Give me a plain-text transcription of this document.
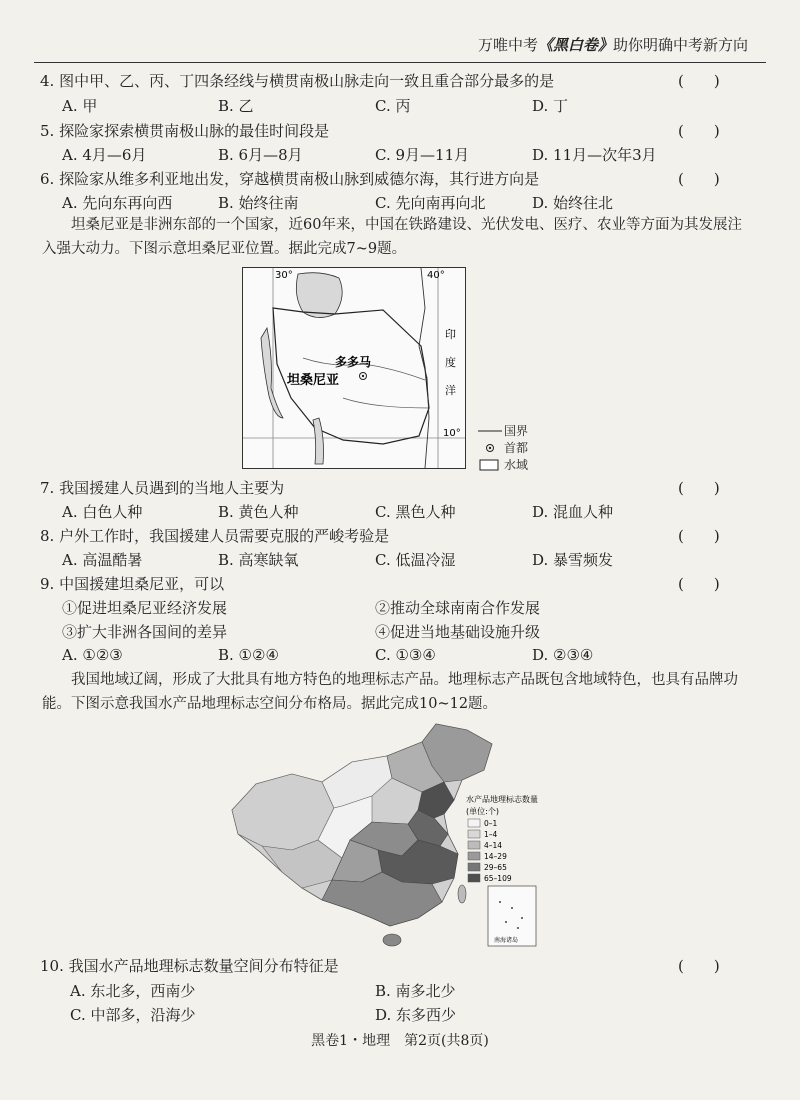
万唯中考《黑白卷》助你明确中考新方向
4. 图中甲、乙、丙、丁四条经线与横贯南极山脉走向一致且重合部分最多的是	(　　)
A. 甲	B. 乙	C. 丙	D. 丁
5. 探险家探索横贯南极山脉的最佳时间段是	(　　)
A. 4月—6月	B. 6月—8月	C. 9月—11月	D. 11月—次年3月
6. 探险家从维多利亚地出发，穿越横贯南极山脉到威德尔海，其行进方向是	(　　)
A. 先向东再向西	B. 始终往南	C. 先向南再向北	D. 始终往北
坦桑尼亚是非洲东部的一个国家，近60年来，中国在铁路建设、光伏发电、医疗、农业等方面为其发展注入强大动力。下图示意坦桑尼亚位置。据此完成7~9题。
多多马
坦桑尼亚
30°	40°
10°
印
度
洋
国界
首都
水域
7. 我国援建人员遇到的当地人主要为	(　　)
A. 白色人种	B. 黄色人种	C. 黑色人种	D. 混血人种
8. 户外工作时，我国援建人员需要克服的严峻考验是	(　　)
A. 高温酷暑	B. 高寒缺氧	C. 低温冷湿	D. 暴雪频发
9. 中国援建坦桑尼亚，可以	(　　)
①促进坦桑尼亚经济发展	②推动全球南南合作发展
③扩大非洲各国间的差异	④促进当地基础设施升级
A. ①②③	B. ①②④	C. ①③④	D. ②③④
我国地域辽阔，形成了大批具有地方特色的地理标志产品。地理标志产品既包含地域特色，也具有品牌功能。下图示意我国水产品地理标志空间分布格局。据此完成10~12题。
水产品地理标志数量
(单位:个)
0–1
1–4
4–14
14–29
29–65
65–109
南海诸岛
10. 我国水产品地理标志数量空间分布特征是	(　　)
A. 东北多，西南少	B. 南多北少
C. 中部多，沿海少	D. 东多西少
黑卷1・地理　第2页(共8页)
